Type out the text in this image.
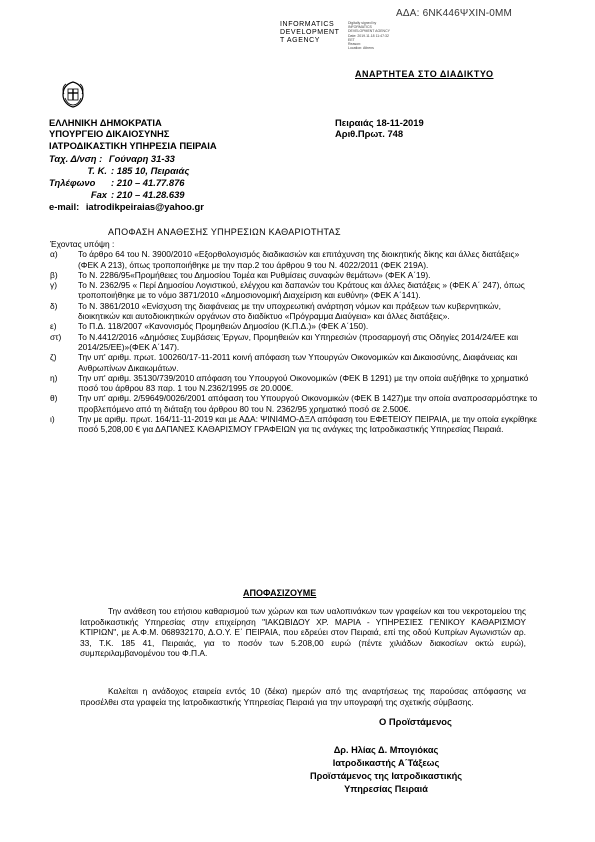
ΑΔΑ: 6ΝΚ446ΨΧΙΝ-0ΜΜ
INFORMATICS
DEVELOPMENT
T AGENCY
Digitally signed by
INFORMATICS
DEVELOPMENT AGENCY
Date: 2019.11.18 11:47:32
EET
Reason:
Location: Athens
ΑΝΑΡΤΗΤΕΑ ΣΤΟ ΔΙΑΔΙΚΤΥΟ
ΕΛΛΗΝΙΚΗ ΔΗΜΟΚΡΑΤΙΑ
ΥΠΟΥΡΓΕΙΟ ΔΙΚΑΙΟΣΥΝΗΣ
ΙΑΤΡΟΔΙΚΑΣΤΙΚΗ ΥΠΗΡΕΣΙΑ ΠΕΙΡΑΙΑ
Πειραιάς 18-11-2019
Αριθ.Πρωτ. 748
Ταχ. Δ/νση : Γούναρη 31-33
Τ. Κ. : 185 10, Πειραιάς
Τηλέφωνο : 210 – 41.77.876
Fax : 210 – 41.28.639
e-mail: iatrodikpeiraias@yahoo.gr
ΑΠΟΦΑΣΗ ΑΝΑΘΕΣΗΣ ΥΠΗΡΕΣΙΩΝ ΚΑΘΑΡΙΟΤΗΤΑΣ

Έχοντας υπόψη :

α) Το άρθρο 64 του Ν. 3900/2010 «Εξορθολογισμός διαδικασιών και επιτάχυνση της διοικητικής δίκης και άλλες διατάξεις» (ΦΕΚ Α 213), όπως τροποποιήθηκε με την παρ.2 του άρθρου 9 του Ν. 4022/2011 (ΦΕΚ 219Α).

β) Το Ν. 2286/95«Προμήθειες του Δημοσίου Τομέα και Ρυθμίσεις συναφών θεμάτων» (ΦΕΚ Α΄19).

γ)	Το Ν. 2362/95 « Περί Δημοσίου Λογιστικού, ελέγχου και δαπανών του Κράτους και άλλες διατάξεις » (ΦΕΚ Α΄ 247), όπως τροποποιήθηκε με το νόμο 3871/2010 «Δημοσιονομική Διαχείριση και ευθύνη» (ΦΕΚ Α΄141).

δ) Το Ν. 3861/2010 «Ενίσχυση της διαφάνειας με την υποχρεωτική ανάρτηση νόμων και πράξεων των κυβερνητικών, διοικητικών και αυτοδιοικητικών οργάνων στο διαδίκτυο «Πρόγραμμα Διαύγεια» και άλλες διατάξεις».

ε)	Το Π.Δ. 118/2007 «Κανονισμός Προμηθειών Δημοσίου (Κ.Π.Δ.)» (ΦΕΚ Α΄150).

στ) Το Ν.4412/2016 «Δημόσιες Συμβάσεις Έργων, Προμηθειών και Υπηρεσιών (προσαρμογή στις Οδηγίες 2014/24/ΕΕ και 2014/25/ΕΕ)»(ΦΕΚ Α΄147).

ζ)	Την υπ' αριθμ. πρωτ. 100260/17-11-2011 κοινή απόφαση των Υπουργών Οικονομικών και Δικαιοσύνης, Διαφάνειας και Ανθρωπίνων Δικαιωμάτων.

η) Την υπ' αριθμ. 35130/739/2010 απόφαση του Υπουργού Οικονομικών (ΦΕΚ Β 1291) με την οποία αυξήθηκε το χρηματικό ποσό του άρθρου 83 παρ. 1 του Ν.2362/1995 σε 20.000€.

θ) Την υπ' αριθμ. 2/59649/0026/2001 απόφαση του Υπουργού Οικονομικών (ΦΕΚ Β 1427)με την οποία αναπροσαρμόστηκε το προβλεπόμενο από τη διάταξη του άρθρου 80 του Ν. 2362/95 χρηματικό ποσό σε 2.500€.

ι)	Την με αριθμ. πρωτ. 164/11-11-2019 και με ΑΔΑ: ΨΙΝΙ4ΜΟ-ΔΞΛ απόφαση του ΕΦΕΤΕΙΟΥ ΠΕΙΡΑΙΑ, με την οποία εγκρίθηκε ποσό 5,208,00 € για ΔΑΠΑΝΕΣ ΚΑΘΑΡΙΣΜΟΥ ΓΡΑΦΕΙΩΝ για τις ανάγκες της Ιατροδικαστικής Υπηρεσίας Πειραιά.

ΑΠΟΦΑΣΙΖΟΥΜΕ
Την ανάθεση του ετήσιου καθαρισμού των χώρων και των υαλοπινάκων των γραφείων και του νεκροτομείου της Ιατροδικαστικής Υπηρεσίας στην επιχείρηση "ΙΑΚΩΒΙΔΟΥ ΧΡ. ΜΑΡΙΑ - ΥΠΗΡΕΣΙΕΣ ΓΕΝΙΚΟΥ ΚΑΘΑΡΙΣΜΟΥ ΚΤΙΡΙΩΝ", με Α.Φ.Μ. 068932170, Δ.Ο.Υ. Ε΄ ΠΕΙΡΑΙΑ, που εδρεύει στον Πειραιά, επί της οδού Κυπρίων Αγωνιστών αρ. 33, Τ.Κ. 185 41, Πειραιάς, για το ποσόν των 5.208,00 ευρώ (πέντε χιλιάδων διακοσίων οκτώ ευρώ), συμπεριλαμβανομένου του Φ.Π.Α.
Καλείται η ανάδοχος εταιρεία εντός 10 (δέκα) ημερών από της αναρτήσεως της παρούσας απόφασης να προσέλθει στα γραφεία της Ιατροδικαστικής Υπηρεσίας Πειραιά για την υπογραφή της σχετικής σύμβασης.
Ο Προϊστάμενος
Δρ. Ηλίας Δ. Μπογιόκας
Ιατροδικαστής Α΄Τάξεως
Προϊστάμενος της Ιατροδικαστικής
Υπηρεσίας Πειραιά
